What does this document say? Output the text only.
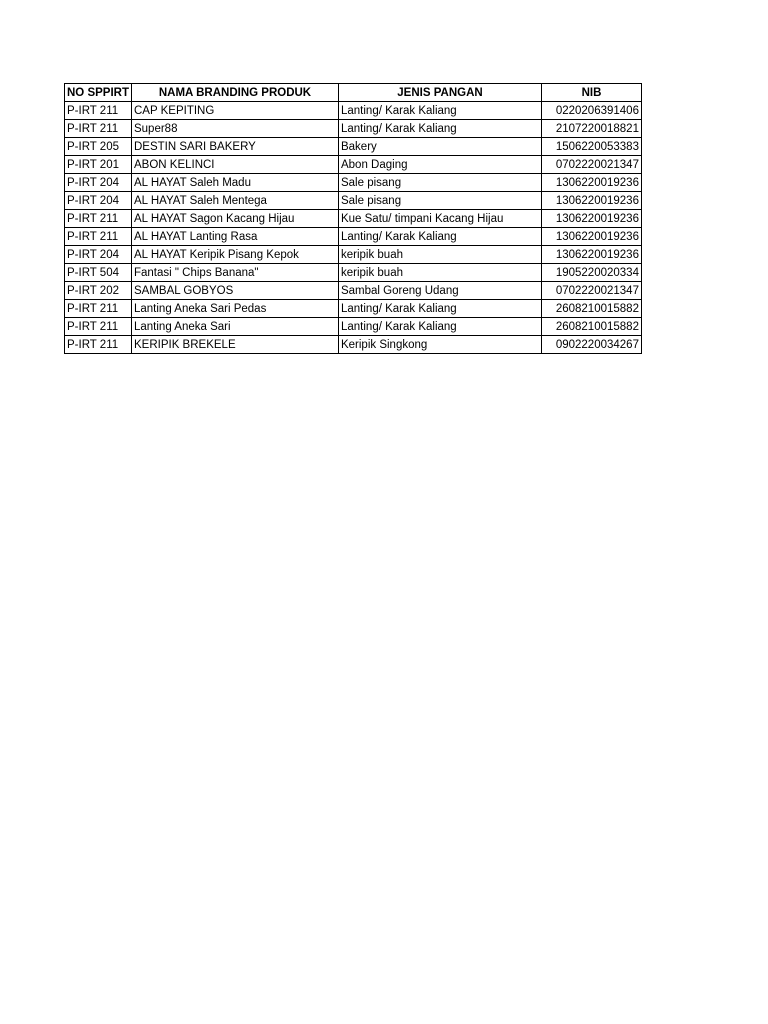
NO SPPIRT	NAMA BRANDING PRODUK	JENIS PANGAN	NIB
P-IRT 211	CAP KEPITING	Lanting/ Karak Kaliang	0220206391406
P-IRT 211	Super88	Lanting/ Karak Kaliang	2107220018821
P-IRT 205	DESTIN SARI BAKERY	Bakery	1506220053383
P-IRT 201	ABON KELINCI	Abon Daging	0702220021347
P-IRT 204	AL HAYAT Saleh Madu	Sale pisang	1306220019236
P-IRT 204	AL HAYAT Saleh Mentega	Sale pisang	1306220019236
P-IRT 211	AL HAYAT Sagon Kacang Hijau	Kue Satu/ timpani Kacang Hijau	1306220019236
P-IRT 211	AL HAYAT Lanting Rasa	Lanting/ Karak Kaliang	1306220019236
P-IRT 204	AL HAYAT Keripik Pisang Kepok	keripik buah	1306220019236
P-IRT 504	Fantasi " Chips Banana"	keripik buah	1905220020334
P-IRT 202	SAMBAL GOBYOS	Sambal Goreng Udang	0702220021347
P-IRT 211	Lanting Aneka Sari Pedas	Lanting/ Karak Kaliang	2608210015882
P-IRT 211	Lanting Aneka Sari	Lanting/ Karak Kaliang	2608210015882
P-IRT 211	KERIPIK BREKELE	Keripik Singkong	0902220034267
